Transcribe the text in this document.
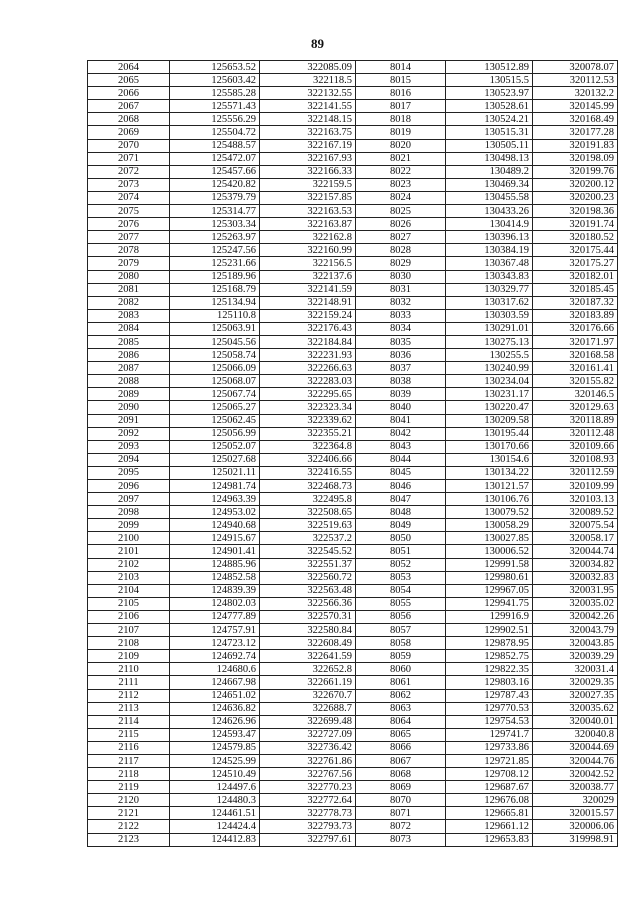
89
2064	125653.52	322085.09	8014	130512.89	320078.07
2065	125603.42	322118.5	8015	130515.5	320112.53
2066	125585.28	322132.55	8016	130523.97	320132.2
2067	125571.43	322141.55	8017	130528.61	320145.99
2068	125556.29	322148.15	8018	130524.21	320168.49
2069	125504.72	322163.75	8019	130515.31	320177.28
2070	125488.57	322167.19	8020	130505.11	320191.83
2071	125472.07	322167.93	8021	130498.13	320198.09
2072	125457.66	322166.33	8022	130489.2	320199.76
2073	125420.82	322159.5	8023	130469.34	320200.12
2074	125379.79	322157.85	8024	130455.58	320200.23
2075	125314.77	322163.53	8025	130433.26	320198.36
2076	125303.34	322163.87	8026	130414.9	320191.74
2077	125263.97	322162.8	8027	130396.13	320180.52
2078	125247.56	322160.99	8028	130384.19	320175.44
2079	125231.66	322156.5	8029	130367.48	320175.27
2080	125189.96	322137.6	8030	130343.83	320182.01
2081	125168.79	322141.59	8031	130329.77	320185.45
2082	125134.94	322148.91	8032	130317.62	320187.32
2083	125110.8	322159.24	8033	130303.59	320183.89
2084	125063.91	322176.43	8034	130291.01	320176.66
2085	125045.56	322184.84	8035	130275.13	320171.97
2086	125058.74	322231.93	8036	130255.5	320168.58
2087	125066.09	322266.63	8037	130240.99	320161.41
2088	125068.07	322283.03	8038	130234.04	320155.82
2089	125067.74	322295.65	8039	130231.17	320146.5
2090	125065.27	322323.34	8040	130220.47	320129.63
2091	125062.45	322339.62	8041	130209.58	320118.89
2092	125056.99	322355.21	8042	130195.44	320112.48
2093	125052.07	322364.8	8043	130170.66	320109.66
2094	125027.68	322406.66	8044	130154.6	320108.93
2095	125021.11	322416.55	8045	130134.22	320112.59
2096	124981.74	322468.73	8046	130121.57	320109.99
2097	124963.39	322495.8	8047	130106.76	320103.13
2098	124953.02	322508.65	8048	130079.52	320089.52
2099	124940.68	322519.63	8049	130058.29	320075.54
2100	124915.67	322537.2	8050	130027.85	320058.17
2101	124901.41	322545.52	8051	130006.52	320044.74
2102	124885.96	322551.37	8052	129991.58	320034.82
2103	124852.58	322560.72	8053	129980.61	320032.83
2104	124839.39	322563.48	8054	129967.05	320031.95
2105	124802.03	322566.36	8055	129941.75	320035.02
2106	124777.89	322570.31	8056	129916.9	320042.26
2107	124757.91	322580.84	8057	129902.51	320043.79
2108	124723.12	322608.49	8058	129878.95	320043.85
2109	124692.74	322641.59	8059	129852.75	320039.29
2110	124680.6	322652.8	8060	129822.35	320031.4
2111	124667.98	322661.19	8061	129803.16	320029.35
2112	124651.02	322670.7	8062	129787.43	320027.35
2113	124636.82	322688.7	8063	129770.53	320035.62
2114	124626.96	322699.48	8064	129754.53	320040.01
2115	124593.47	322727.09	8065	129741.7	320040.8
2116	124579.85	322736.42	8066	129733.86	320044.69
2117	124525.99	322761.86	8067	129721.85	320044.76
2118	124510.49	322767.56	8068	129708.12	320042.52
2119	124497.6	322770.23	8069	129687.67	320038.77
2120	124480.3	322772.64	8070	129676.08	320029
2121	124461.51	322778.73	8071	129665.81	320015.57
2122	124424.4	322793.73	8072	129661.12	320006.06
2123	124412.83	322797.61	8073	129653.83	319998.91
